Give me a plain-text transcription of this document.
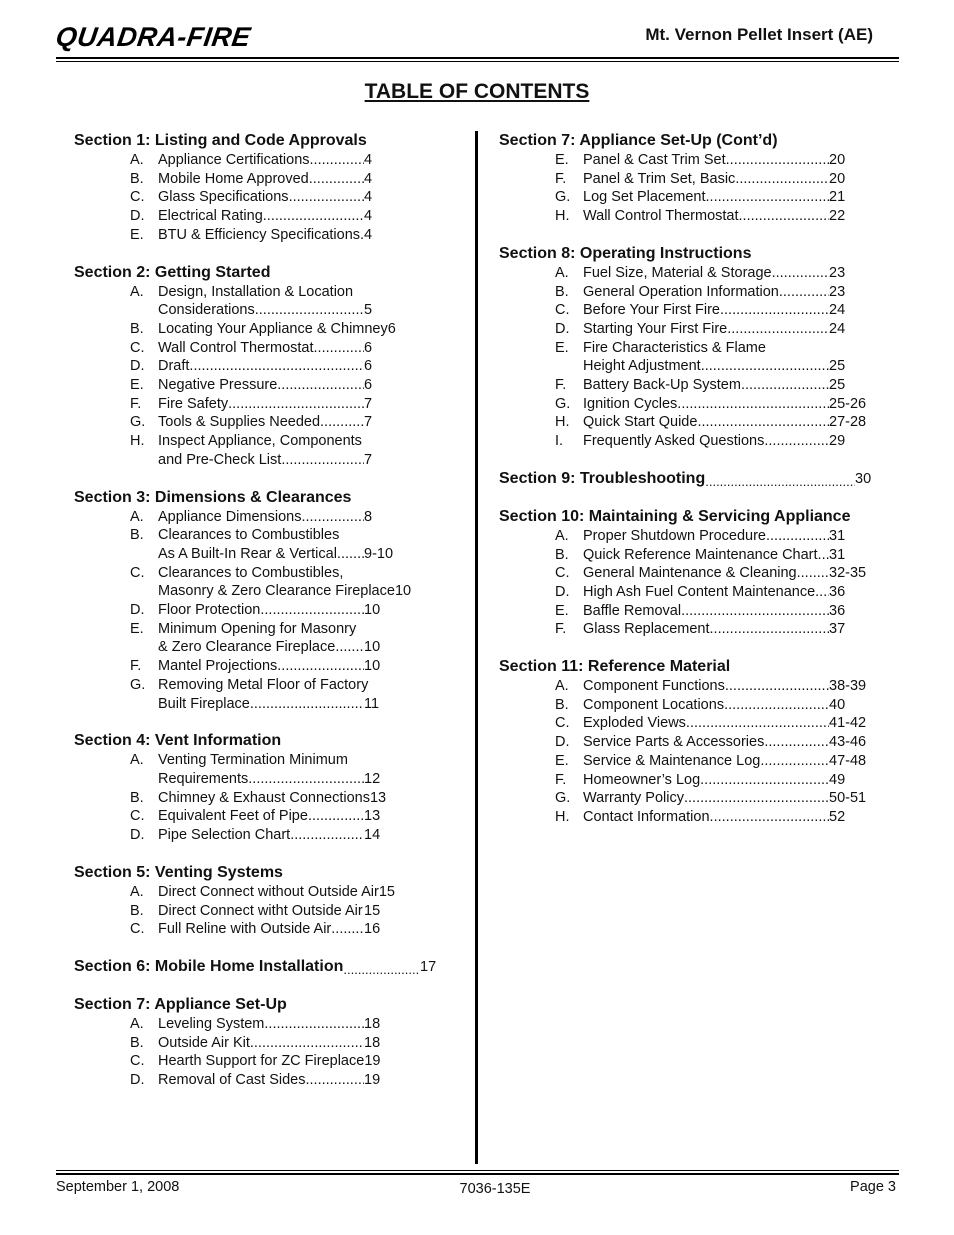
QUADRA-FIRE	Mt. Vernon Pellet Insert (AE)
TABLE OF CONTENTS
Section 1: Listing and Code Approvals
A. Appliance Certifications .....	4
B. Mobile Home Approved .....	4
C. Glass Specifications .....	4
D. Electrical Rating .....	4
E. BTU & Efficiency Specifications ..... 4
Section 2: Getting Started
A. Design, Installation & Location
Considerations .....	5
B. Locating Your Appliance & Chimney 6
C. Wall Control Thermostat .....	6
D. Draft .....	6
E. Negative Pressure .....	6
F.	Fire Safety .....	7
G. Tools & Supplies Needed .....	7
H. Inspect Appliance, Components
and Pre-Check List .....	7
Section 3: Dimensions & Clearances
A. Appliance Dimensions .....	8
B. Clearances to Combustibles
As A Built-In Rear & Vertical ..... 9-10
C. Clearances to Combustibles,
Masonry & Zero Clearance Fireplace 10
D. Floor Protection .....	10
E. Minimum Opening for Masonry
& Zero Clearance Fireplace ..... 10
F.	Mantel Projections .....	10
G. Removing Metal Floor of Factory
Built Fireplace .....	11
Section 4: Vent Information
A. Venting Termination Minimum
Requirements .....	12
B. Chimney & Exhaust Connections 13
C. Equivalent Feet of Pipe .....	13
D. Pipe Selection Chart .....	14
Section 5: Venting Systems
A. Direct Connect without Outside Air 15
B. Direct Connect witht Outside Air ..... 15
C. Full Reline with Outside Air ..... 16
Section 6: Mobile Home Installation .....	17
Section 7: Appliance Set-Up
A. Leveling System .....	18
B. Outside Air Kit .....	18
C. Hearth Support for ZC Fireplace 19
D. Removal of Cast Sides .....	19
Section 7: Appliance Set-Up (Cont’d)
E. Panel & Cast Trim Set .....	20
F.	Panel & Trim Set, Basic .....	20
G. Log Set Placement .....	21
H. Wall Control Thermostat .....	22
Section 8: Operating Instructions
A. Fuel Size, Material & Storage .....	23
B. General Operation Information .....	23
C. Before Your First Fire .....	24
D. Starting Your First Fire .....	24
E. Fire Characteristics & Flame
Height Adjustment .....	25
F.	Battery Back-Up System .....	25
G. Ignition Cycles .....	25-26
H. Quick Start Quide .....	27-28
I.	Frequently Asked Questions .....	29
Section 9: Troubleshooting .....	30
Section 10: Maintaining & Servicing Appliance
A. Proper Shutdown Procedure .....	31
B. Quick Reference Maintenance Chart ..... 31
C. General Maintenance & Cleaning ..... 32-35
D. High Ash Fuel Content Maintenance ..... 36
E. Baffle Removal .....	36
F.	Glass Replacement .....	37
Section 11: Reference Material
A. Component Functions .....	38-39
B. Component Locations .....	40
C. Exploded Views .....	41-42
D. Service Parts & Accessories .....	43-46
E. Service & Maintenance Log .....	47-48
F.	Homeowner’s Log .....	49
G. Warranty Policy .....	50-51
H. Contact Information .....	52
September 1, 2008	7036-135E	Page 3
